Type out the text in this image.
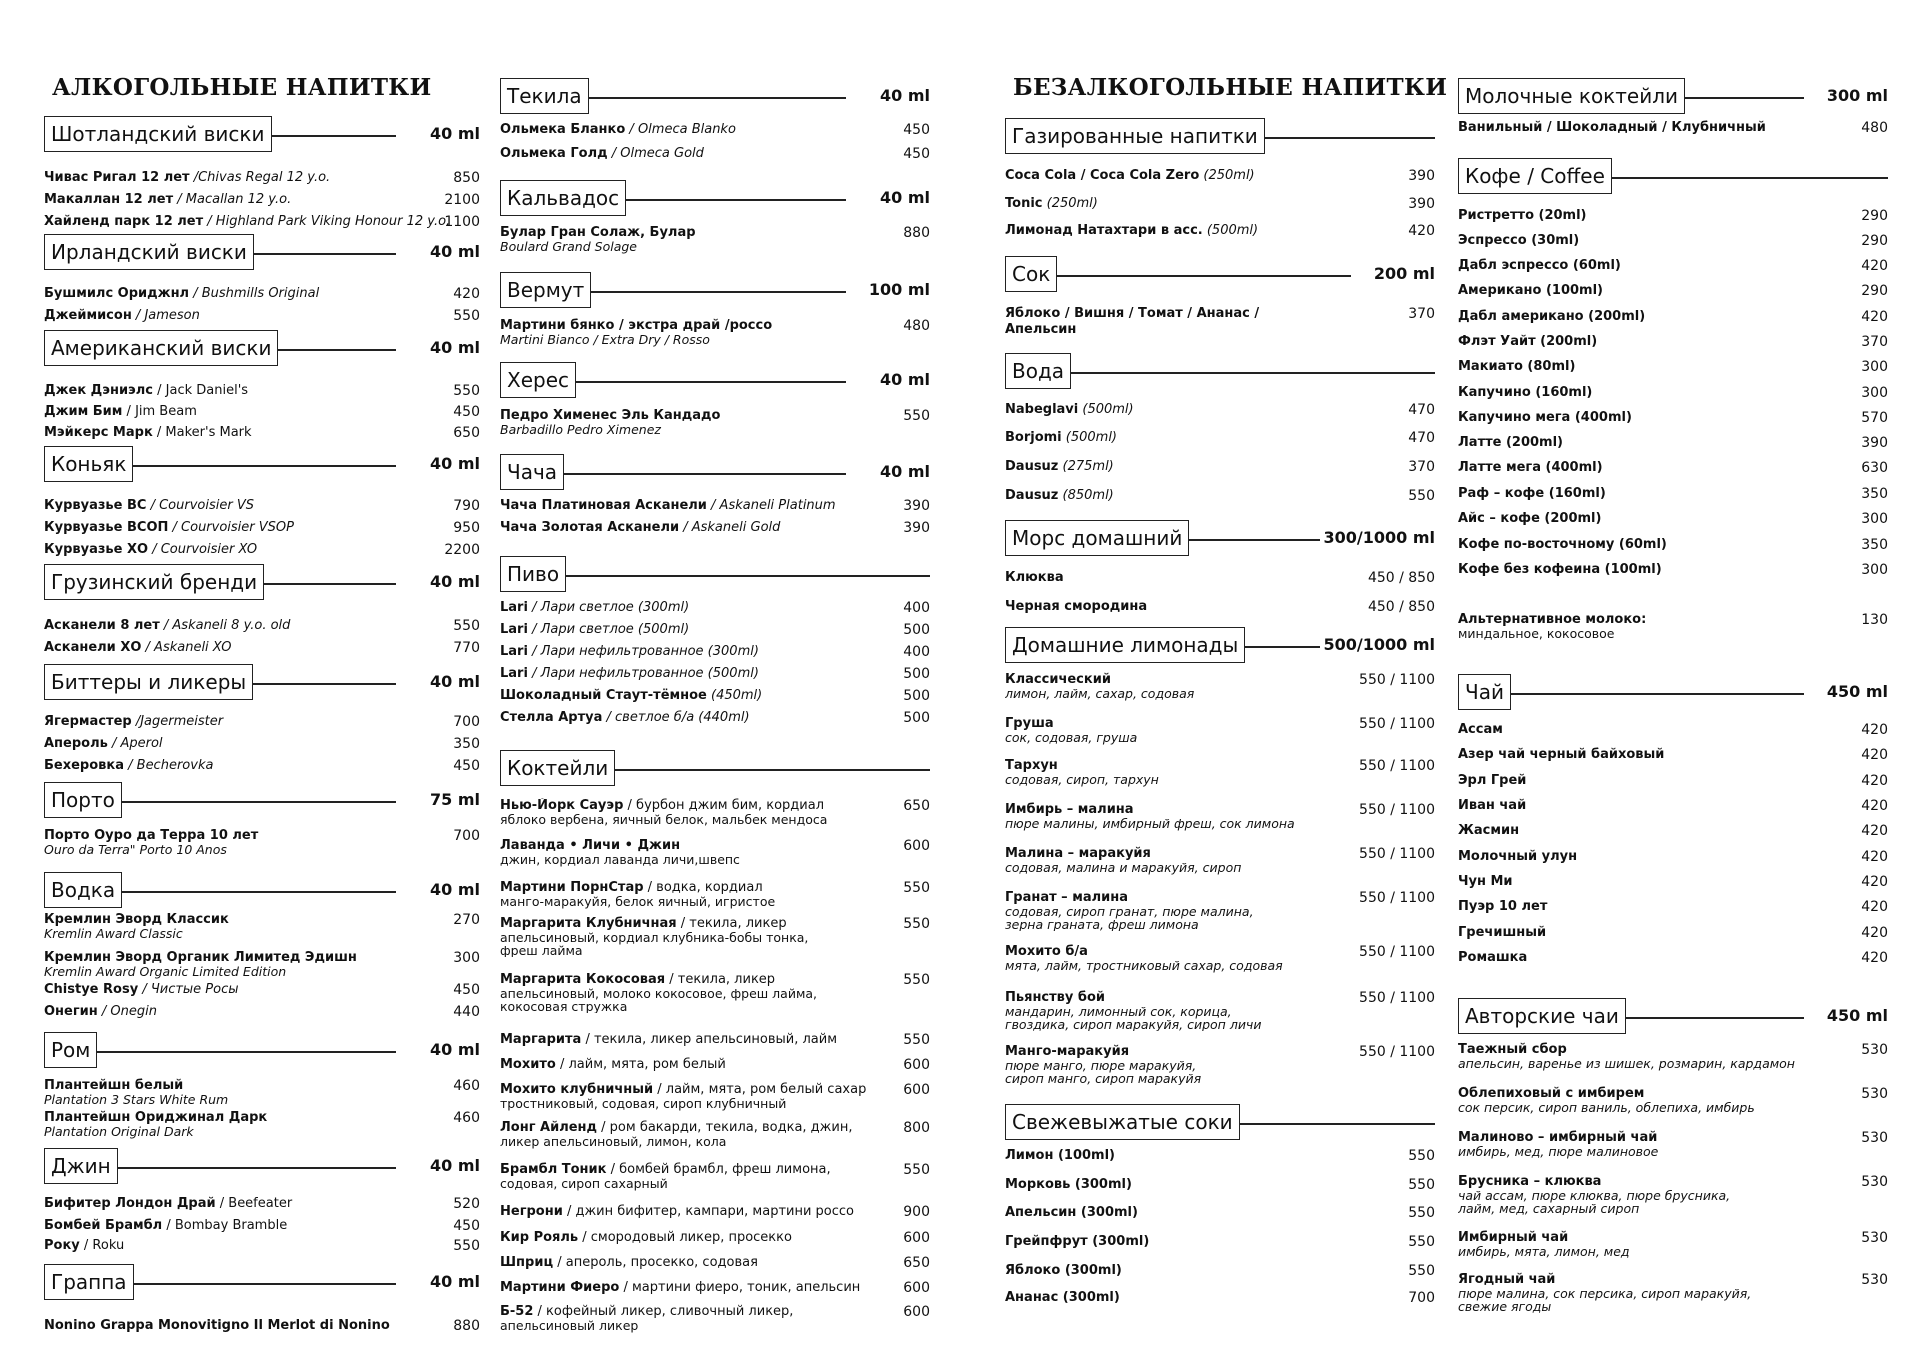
АЛКОГОЛЬНЫЕ НАПИТКИ	БЕЗАЛКОГОЛЬНЫЕ НАПИТКИ
Шотландский виски	40 ml
Чивас Ригал 12 лет /Chivas Regal 12 y.o.	850
Макаллан 12 лет / Macallan 12 y.o.	2100
Хайленд парк 12 лет / Highland Park Viking Honour 12 y.o.
1100
Ирландский виски	40 ml
Бушмилс Ориджнл / Bushmills Original	420
Джеймисон / Jameson	550
Американский виски	40 ml
Джек Дэниэлс / Jack Daniel's	550
Джим Бим / Jim Beam	450
Мэйкерс Марк / Maker's Mark	650
Коньяк	40 ml
Курвуазье ВС / Courvoisier VS	790
Курвуазье ВСОП / Courvoisier VSOP	950
Курвуазье ХО / Courvoisier XO	2200
Грузинский бренди	40 ml
Асканели 8 лет / Askaneli 8 y.o. old	550
Асканели ХО / Askaneli XO	770
Биттеры и ликеры	40 ml
Ягермастер /Jagermeister	700
Апероль / Aperol	350
Бехеровка / Becherovka	450
Порто	75 ml
Порто Оуро да Терра 10 лет
Ouro da Terra" Porto 10 Anos
700
Водка	40 ml
Кремлин Эворд Классик
Kremlin Award Classic
270
Кремлин Эворд Органик Лимитед Эдишн
Kremlin Award Organic Limited Edition
300
Chistye Rosy / Чистые Росы	450
Онегин / Onegin	440
Ром	40 ml
Плантейшн белый
Plantation 3 Stars White Rum
460
Плантейшн Ориджинал Дарк
Plantation Original Dark
460
Джин	40 ml
Бифитер Лондон Драй / Beefeater	520
Бомбей Брамбл / Bombay Bramble	450
Року / Roku	550
Граппа	40 ml
Nonino Grappa Monovitigno Il Merlot di Nonino	880
Текила	40 ml
Ольмека Бланко / Olmeca Blanko	450
Ольмека Голд / Olmeca Gold	450
Кальвадос	40 ml
Булар Гран Солаж, Булар
Boulard Grand Solage
880
Вермут	100 ml
Мартини бянко / экстра драй /россо
Martini Bianco / Extra Dry / Rosso
480
Херес	40 ml
Педро Хименес Эль Кандадо
Barbadillo Pedro Ximenez
550
Чача	40 ml
Чача Платиновая Асканели / Askaneli Platinum	390
Чача Золотая Асканели / Askaneli Gold	390
Пиво
Lari / Лари светлое (300ml)	400
Lari / Лари светлое (500ml)	500
Lari / Лари нефильтрованное (300ml)	400
Lari / Лари нефильтрованное (500ml)	500
Шоколадный Стаут-тёмное (450ml)	500
Стелла Артуа / светлое б/а (440ml)	500
Коктейли
Нью-Йорк Сауэр / бурбон джим бим, кордиал
яблоко вербена, яичный белок, мальбек мендоса
650
Лаванда • Личи • Джин
джин, кордиал лаванда личи,швепс
600
Мартини ПорнСтар / водка, кордиал
манго-маракуйя, белок яичный, игристое
550
Маргарита Клубничная / текила, ликер
апельсиновый, кордиал клубника-бобы тонка,
фреш лайма
550
Маргарита Кокосовая / текила, ликер
апельсиновый, молоко кокосовое, фреш лайма,
кокосовая стружка
550
Маргарита / текила, ликер апельсиновый, лайм	550
Мохито / лайм, мята, ром белый	600
Мохито клубничный / лайм, мята, ром белый сахар
тростниковый, содовая, сироп клубничный
600
Лонг Айленд / ром бакарди, текила, водка, джин,
ликер апельсиновый, лимон, кола
800
Брамбл Тоник / бомбей брамбл, фреш лимона,
содовая, сироп сахарный
550
Негрони / джин бифитер, кампари, мартини россо	900
Кир Рояль / смородовый ликер, просекко	600
Шприц / апероль, просекко, содовая	650
Мартини Фиеро / мартини фиеро, тоник, апельсин	600
Б-52 / кофейный ликер, сливочный ликер,
апельсиновый ликер
600
Газированные напитки
Coca Cola / Coca Cola Zero (250ml)	390
Tonic (250ml)	390
Лимонад Натахтари в асс. (500ml)	420
Сок	200 ml
Яблоко / Вишня / Томат / Ананас /
Апельсин
370
Вода
Nabeglavi (500ml)	470
Borjomi (500ml)	470
Dausuz (275ml)	370
Dausuz (850ml)	550
Морс домашний	300/1000 ml
Клюква	450 / 850
Черная смородина	450 / 850
Домашние лимонады	500/1000 ml
Классический
лимон, лайм, сахар, содовая
550 / 1100
Груша
сок, содовая, груша
550 / 1100
Тархун
содовая, сироп, тархун
550 / 1100
Имбирь – малина
пюре малины, имбирный фреш, сок лимона
550 / 1100
Малина – маракуйя
содовая, малина и маракуйя, сироп
550 / 1100
Гранат – малина
содовая, сироп гранат, пюре малина,
зерна граната, фреш лимона
550 / 1100
Мохито б/а
мята, лайм, тростниковый сахар, содовая
550 / 1100
Пьянству бой
мандарин, лимонный сок, корица,
гвоздика, сироп маракуйя, сироп личи
550 / 1100
Манго-маракуйя
пюре манго, пюре маракуйя,
сироп манго, сироп маракуйя
550 / 1100
Свежевыжатые соки
Лимон (100ml)	550
Морковь (300ml)	550
Апельсин (300ml)	550
Грейпфрут (300ml)	550
Яблоко (300ml)	550
Ананас (300ml)	700
Молочные коктейли	300 ml
Ванильный / Шоколадный / Клубничный	480
Кофе / Coffee
Ристретто (20ml)	290
Эспрессо (30ml)	290
Дабл эспрессо (60ml)	420
Американо (100ml)	290
Дабл американо (200ml)	420
Флэт Уайт (200ml)	370
Макиато (80ml)	300
Капучино (160ml)	300
Капучино мега (400ml)	570
Латте (200ml)	390
Латте мега (400ml)	630
Раф – кофе (160ml)	350
Айс – кофе (200ml)	300
Кофе по-восточному (60ml)	350
Кофе без кофеина (100ml)	300
Альтернативное молоко:
миндальное, кокосовое
130
Чай	450 ml
Ассам	420
Азер чай черный байховый	420
Эрл Грей	420
Иван чай	420
Жасмин	420
Молочный улун	420
Чун Ми	420
Пуэр 10 лет	420
Гречишный	420
Ромашка	420
Авторские чаи	450 ml
Таежный сбор
апельсин, варенье из шишек, розмарин, кардамон
530
Облепиховый с имбирем
сок персик, сироп ваниль, облепиха, имбирь
530
Малиново – имбирный чай
имбирь, мед, пюре малиновое
530
Брусника – клюква
чай ассам, пюре клюква, пюре брусника,
лайм, мед, сахарный сироп
530
Имбирный чай
имбирь, мята, лимон, мед
530
Ягодный чай
пюре малина, сок персика, сироп маракуйя,
свежие ягоды
530
